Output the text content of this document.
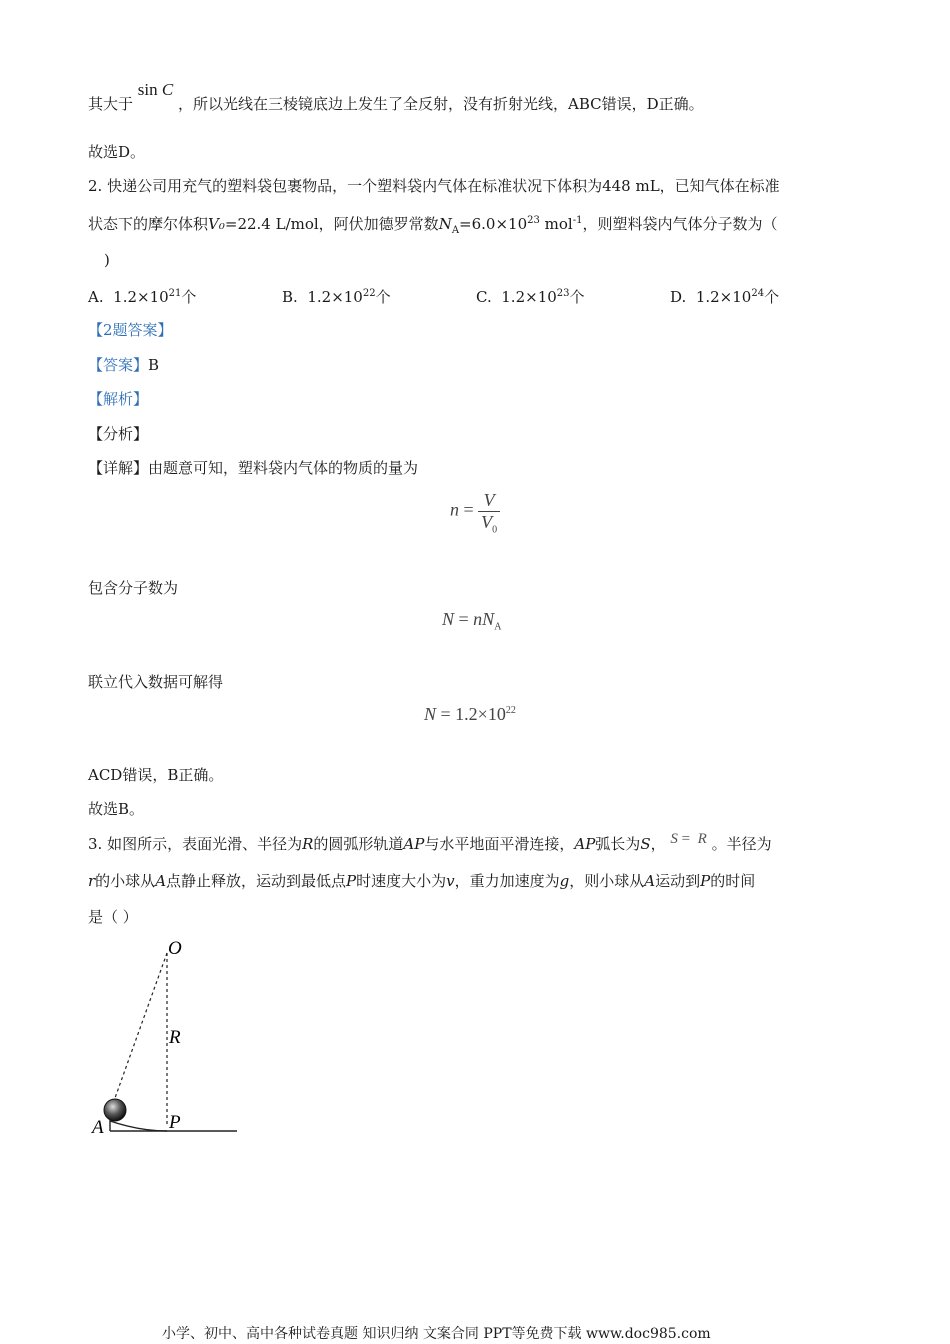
其大于 sin C ，所以光线在三棱镜底边上发生了全反射，没有折射光线，ABC错误，D正确。
故选D。
2. 快递公司用充气的塑料袋包裹物品，一个塑料袋内气体在标准状况下体积为448 mL，已知气体在标准
状态下的摩尔体积V₀=22.4 L/mol，阿伏加德罗常数$N_A=6.0\times 10^{23}$ mol$^{-1}$，则塑料袋内气体分子数为（
)
A. $1.2\times 10^{21}$个	B. $1.2\times 10^{22}$个	C. $1.2\times 10^{23}$个	D. $1.2\times 10^{24}$个
【2题答案】
【答案】B
【解析】
【分析】
【详解】由题意可知，塑料袋内气体的物质的量为
$n = \frac{V}{V_0}$
包含分子数为
$N = nN_A$
联立代入数据可解得
$N = 1.2\times 10^{22}$
ACD错误，B正确。
故选B。
3. 如图所示，表面光滑、半径为R的圆弧形轨道AP与水平地面平滑连接，AP弧长为S， S = R 。半径为
r的小球从A点静止释放，运动到最低点P时速度大小为v，重力加速度为g，则小球从A运动到P的时间
是（ ）
O
R
A	P
小学、初中、高中各种试卷真题 知识归纳 文案合同 PPT等免费下载 www.doc985.com
